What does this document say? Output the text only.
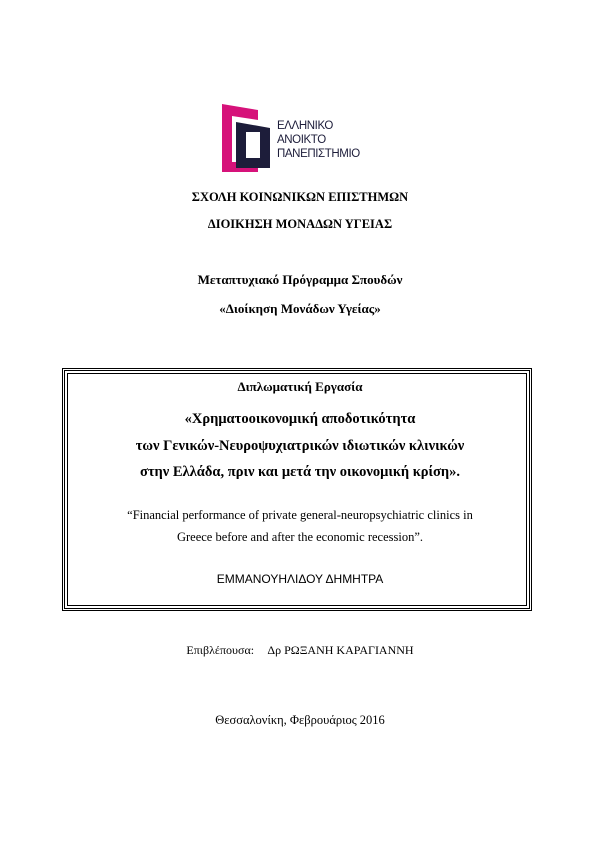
ΕΛΛΗΝΙΚΟ
ΑΝΟΙΚΤΟ
ΠΑΝΕΠΙΣΤΗΜΙΟ
ΣΧΟΛΗ ΚΟΙΝΩΝΙΚΩΝ ΕΠΙΣΤΗΜΩΝ
ΔΙΟΙΚΗΣΗ ΜΟΝΑΔΩΝ ΥΓΕΙΑΣ
Μεταπτυχιακό Πρόγραμμα Σπουδών
«Διοίκηση Μονάδων Υγείας»
Διπλωματική Εργασία
«Χρηματοοικονομική αποδοτικότητα
των Γενικών-Νευροψυχιατρικών ιδιωτικών κλινικών
στην Ελλάδα, πριν και μετά την οικονομική κρίση».
“Financial performance of private general-neuropsychiatric clinics in
Greece before and after the economic recession”.
ΕΜΜΑΝΟΥΗΛΙΔΟΥ ΔΗΜΗΤΡΑ
Επιβλέπουσα: Δρ ΡΩΞΑΝΗ ΚΑΡΑΓΙΑΝΝΗ
Θεσσαλονίκη, Φεβρουάριος 2016
